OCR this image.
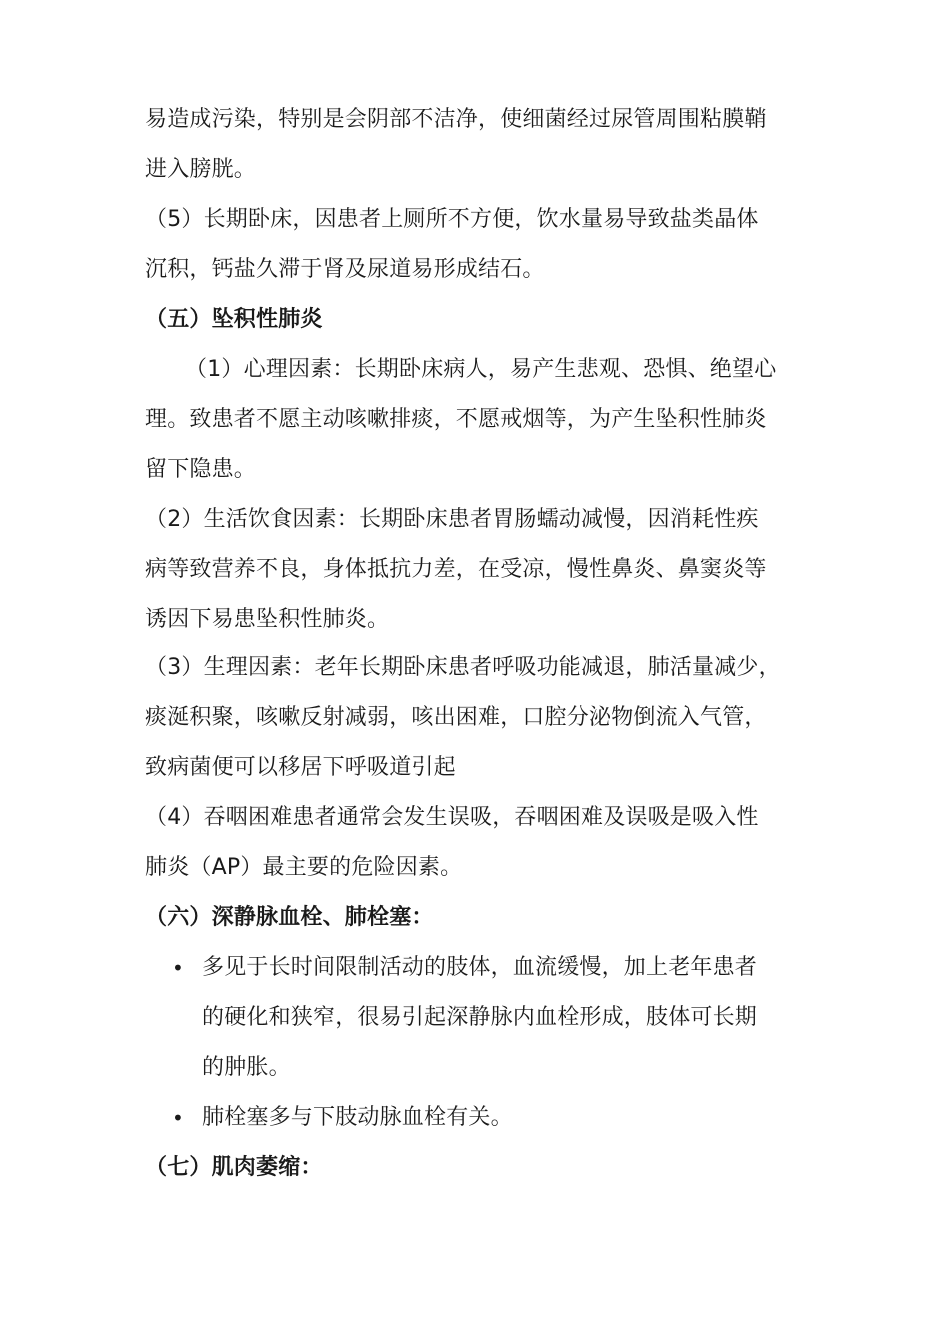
易造成污染，特别是会阴部不洁净，使细菌经过尿管周围粘膜鞘
进入膀胱。
（5）长期卧床，因患者上厕所不方便，饮水量易导致盐类晶体
沉积，钙盐久滞于肾及尿道易形成结石。
（五）坠积性肺炎
（1）心理因素：长期卧床病人，易产生悲观、恐惧、绝望心
理。致患者不愿主动咳嗽排痰，不愿戒烟等，为产生坠积性肺炎
留下隐患。
（2）生活饮食因素：长期卧床患者胃肠蠕动减慢，因消耗性疾
病等致营养不良，身体抵抗力差，在受凉，慢性鼻炎、鼻窦炎等
诱因下易患坠积性肺炎。
（3）生理因素：老年长期卧床患者呼吸功能减退，肺活量减少，
痰涎积聚，咳嗽反射减弱，咳出困难，口腔分泌物倒流入气管，
致病菌便可以移居下呼吸道引起
（4）吞咽困难患者通常会发生误吸，吞咽困难及误吸是吸入性
肺炎（AP）最主要的危险因素。
（六）深静脉血栓、肺栓塞：
• 多见于长时间限制活动的肢体，血流缓慢，加上老年患者
的硬化和狭窄，很易引起深静脉内血栓形成，肢体可长期
的肿胀。
• 肺栓塞多与下肢动脉血栓有关。
（七）肌肉萎缩：
